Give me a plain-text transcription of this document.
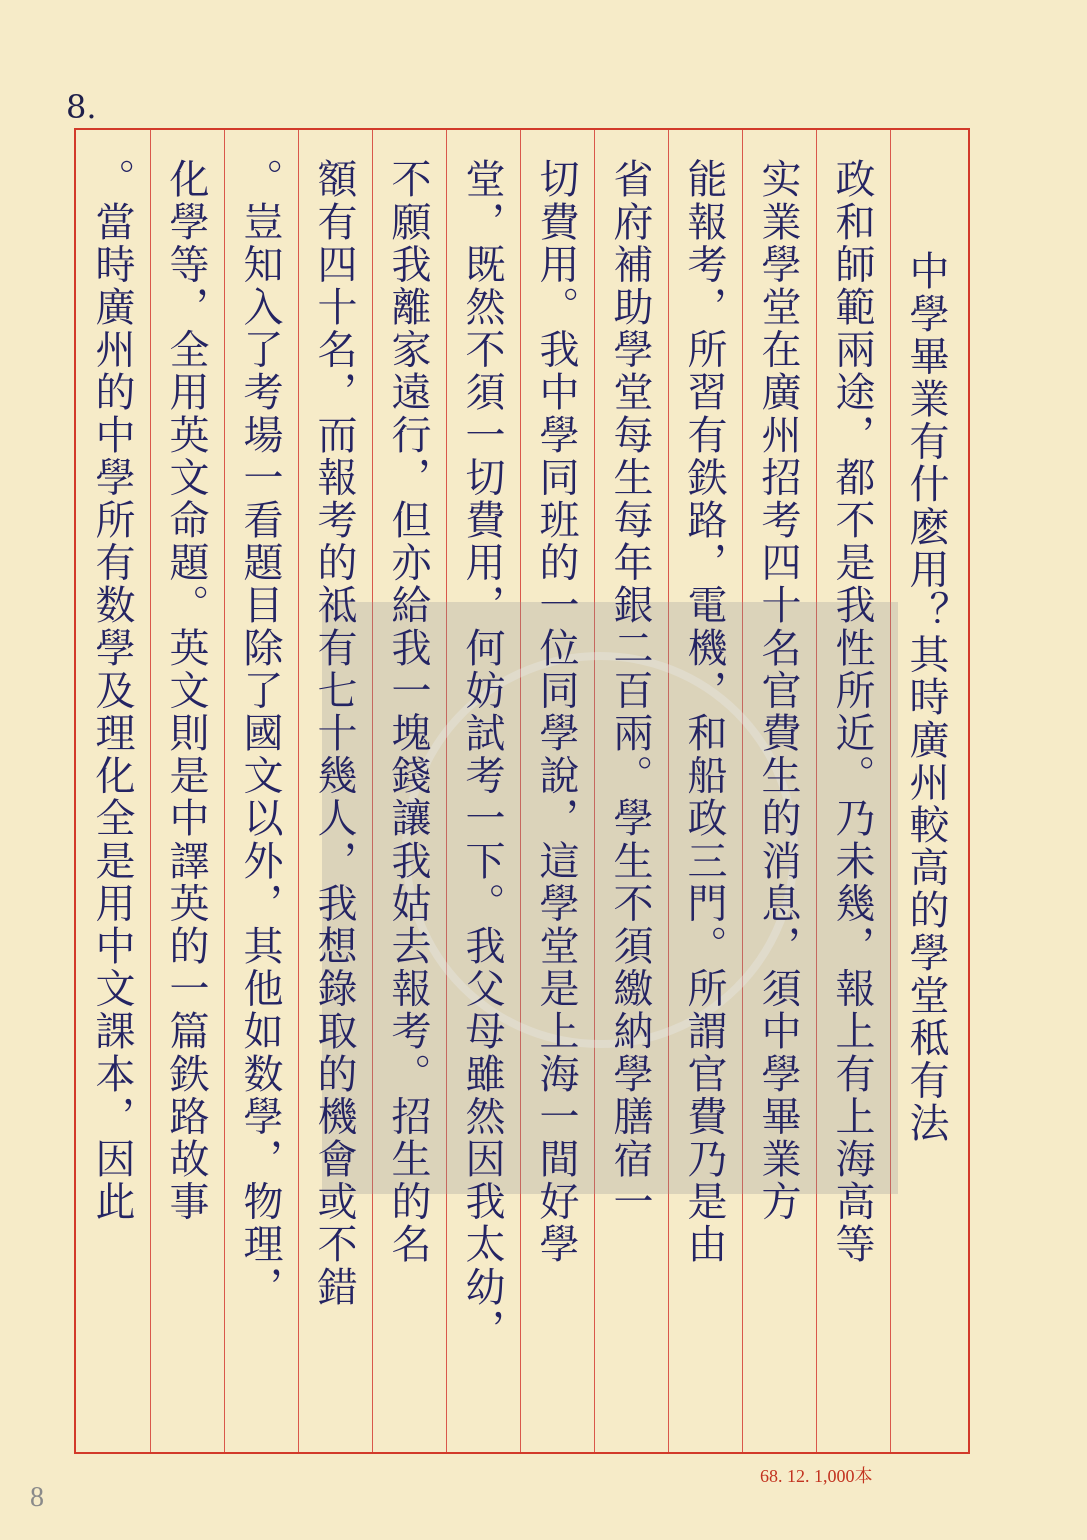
8.
中學畢業有什麽用？其時廣州較高的學堂秪有法
政和師範兩途，都不是我性所近。乃未幾，報上有上海高等
实業學堂在廣州招考四十名官費生的消息，須中學畢業方
能報考，所習有鉄路，電機，和船政三門。所謂官費乃是由
省府補助學堂每生每年銀二百兩。學生不須繳納學膳宿一
切費用。我中學同班的一位同學說，這學堂是上海一間好學
堂，既然不須一切費用，何妨試考一下。我父母雖然因我太幼，
不願我離家遠行，但亦給我一塊錢讓我姑去報考。招生的名
額有四十名，而報考的祗有七十幾人，我想錄取的機會或不錯
。豈知入了考場一看題目除了國文以外，其他如数學，物理，
化學等，全用英文命題。英文則是中譯英的一篇鉄路故事
。當時廣州的中學所有数學及理化全是用中文課本，因此
68. 12. 1,000本
8
